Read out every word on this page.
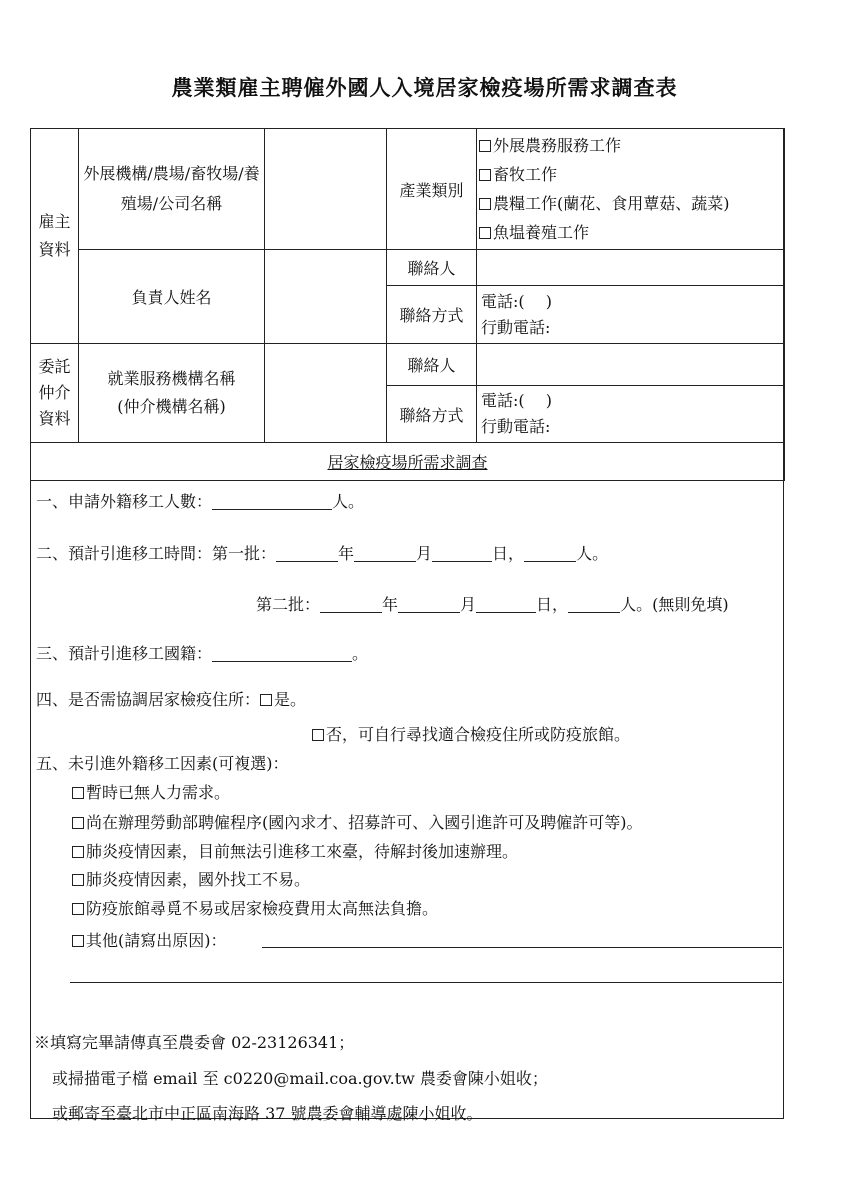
農業類雇主聘僱外國人入境居家檢疫場所需求調查表
雇主資料	外展機構/農場/畜牧場/養殖場/公司名稱		產業類別	外展農務服務工作
畜牧工作
農糧工作(蘭花、食用蕈菇、蔬菜)
魚塭養殖工作

	負責人姓名		聯絡人	
			聯絡方式	電話:(　 )
行動電話:

委託仲介資料	就業服務機構名稱(仲介機構名稱)		聯絡人	
			聯絡方式	電話:(　 )
行動電話:

居家檢疫場所需求調查				
一、申請外籍移工人數：	人。
二、預計引進移工時間：第一批：	年	月	日，	人。
第二批：	年	月	日，	人。(無則免填)
三、預計引進移工國籍：	。
四、是否需協調居家檢疫住所： 是。
否，可自行尋找適合檢疫住所或防疫旅館。
五、未引進外籍移工因素(可複選)：
暫時已無人力需求。
尚在辦理勞動部聘僱程序(國內求才、招募許可、入國引進許可及聘僱許可等)。
肺炎疫情因素，目前無法引進移工來臺，待解封後加速辦理。
肺炎疫情因素，國外找工不易。
防疫旅館尋覓不易或居家檢疫費用太高無法負擔。
其他(請寫出原因)：
※填寫完畢請傳真至農委會 02-23126341；
或掃描電子檔 email 至 c0220@mail.coa.gov.tw 農委會陳小姐收；
或郵寄至臺北市中正區南海路 37 號農委會輔導處陳小姐收。
